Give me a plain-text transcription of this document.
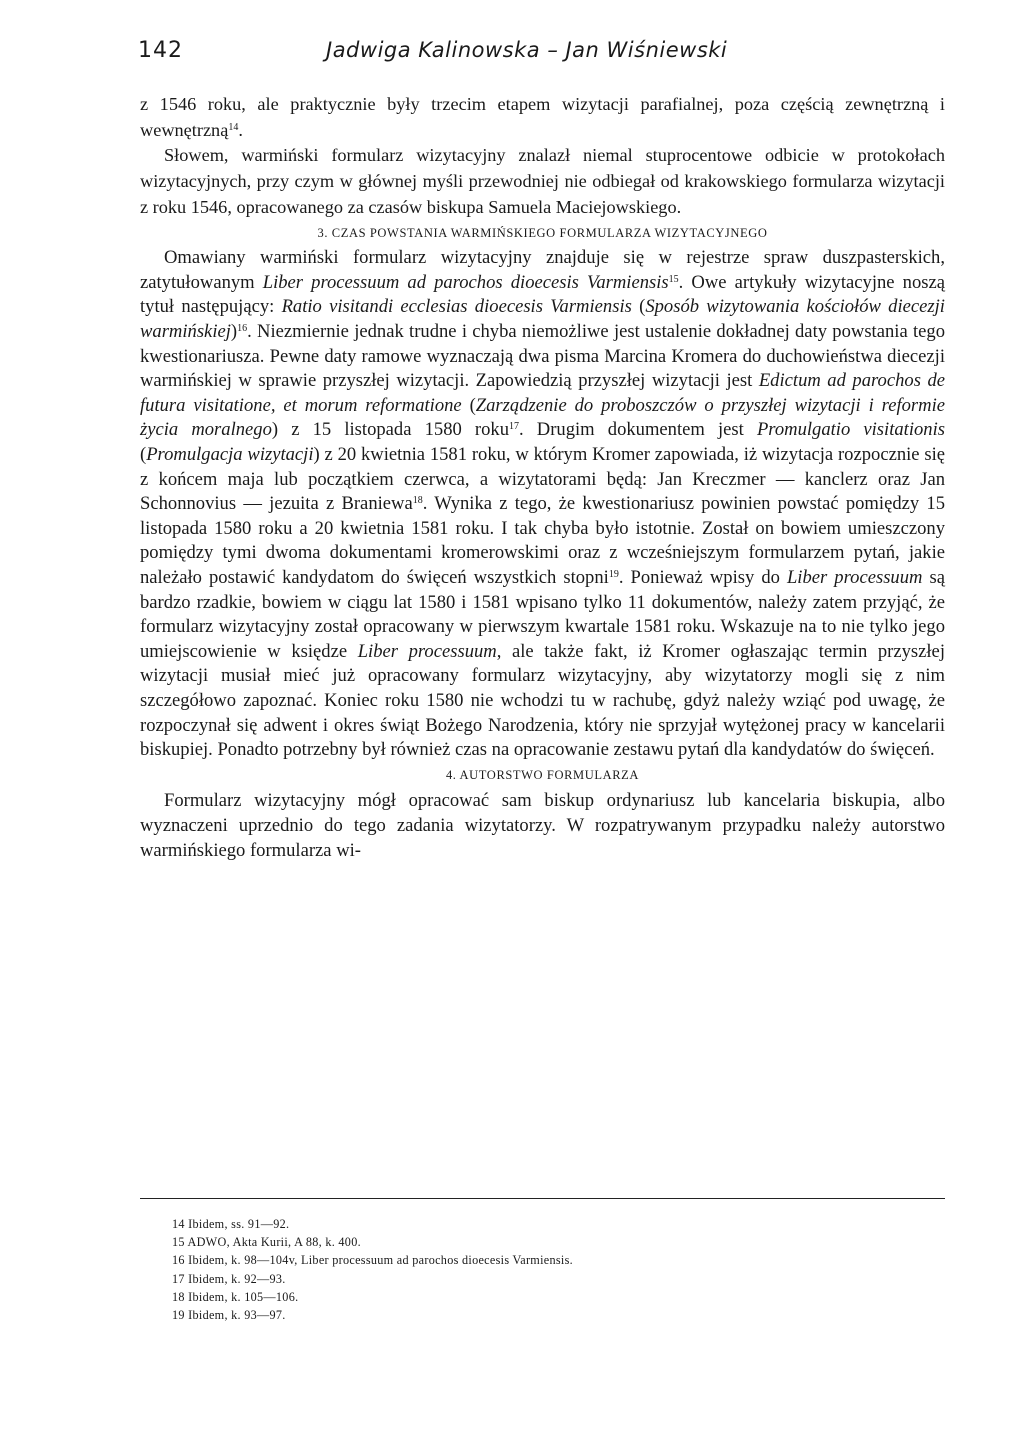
142	Jadwiga Kalinowska – Jan Wiśniewski

z 1546 roku, ale praktycznie były trzecim etapem wizytacji parafialnej, poza częścią zewnętrzną i wewnętrzną$^{14}$.

Słowem, warmiński formularz wizytacyjny znalazł niemal stuprocentowe odbicie w protokołach wizytacyjnych, przy czym w głównej myśli przewodniej nie odbiegał od krakowskiego formularza wizytacji z roku 1546, opracowanego za czasów biskupa Samuela Maciejowskiego.

3. CZAS POWSTANIA WARMIŃSKIEGO FORMULARZA WIZYTACYJNEGO

Omawiany warmiński formularz wizytacyjny znajduje się w rejestrze spraw duszpasterskich, zatytułowanym Liber processuum ad parochos dioecesis Varmiensis$^{15}$. Owe artykuły wizytacyjne noszą tytuł następujący: Ratio visitandi ecclesias dioecesis Varmiensis (Sposób wizytowania kościołów diecezji warmińskiej)$^{16}$. Niezmiernie jednak trudne i chyba niemożliwe jest ustalenie dokładnej daty powstania tego kwestionariusza. Pewne daty ramowe wyznaczają dwa pisma Marcina Kromera do duchowieństwa diecezji warmińskiej w sprawie przyszłej wizytacji. Zapowiedzią przyszłej wizytacji jest Edictum ad parochos de futura visitatione, et morum reformatione (Zarządzenie do proboszczów o przyszłej wizytacji i reformie życia moralnego) z 15 listopada 1580 roku$^{17}$. Drugim dokumentem jest Promulgatio visitationis (Promulgacja wizytacji) z 20 kwietnia 1581 roku, w którym Kromer zapowiada, iż wizytacja rozpocznie się z końcem maja lub początkiem czerwca, a wizytatorami będą: Jan Kreczmer — kanclerz oraz Jan Schonnovius — jezuita z Braniewa$^{18}$. Wynika z tego, że kwestionariusz powinien powstać pomiędzy 15 listopada 1580 roku a 20 kwietnia 1581 roku. I tak chyba było istotnie. Został on bowiem umieszczony pomiędzy tymi dwoma dokumentami kromerowskimi oraz z wcześniejszym formularzem pytań, jakie należało postawić kandydatom do święceń wszystkich stopni$^{19}$. Ponieważ wpisy do Liber processuum są bardzo rzadkie, bowiem w ciągu lat 1580 i 1581 wpisano tylko 11 dokumentów, należy zatem przyjąć, że formularz wizytacyjny został opracowany w pierwszym kwartale 1581 roku. Wskazuje na to nie tylko jego umiejscowienie w księdze Liber processuum, ale także fakt, iż Kromer ogłaszając termin przyszłej wizytacji musiał mieć już opracowany formularz wizytacyjny, aby wizytatorzy mogli się z nim szczegółowo zapoznać. Koniec roku 1580 nie wchodzi tu w rachubę, gdyż należy wziąć pod uwagę, że rozpoczynał się adwent i okres świąt Bożego Narodzenia, który nie sprzyjał wytężonej pracy w kancelarii biskupiej. Ponadto potrzebny był również czas na opracowanie zestawu pytań dla kandydatów do święceń.

4. AUTORSTWO FORMULARZA

Formularz wizytacyjny mógł opracować sam biskup ordynariusz lub kancelaria biskupia, albo wyznaczeni uprzednio do tego zadania wizytatorzy. W rozpatrywanym przypadku należy autorstwo warmińskiego formularza wi-

14 Ibidem, ss. 91—92.
15 ADWO, Akta Kurii, A 88, k. 400.
16 Ibidem, k. 98—104v, Liber processuum ad parochos dioecesis Varmiensis.
17 Ibidem, k. 92—93.
18 Ibidem, k. 105—106.
19 Ibidem, k. 93—97.
